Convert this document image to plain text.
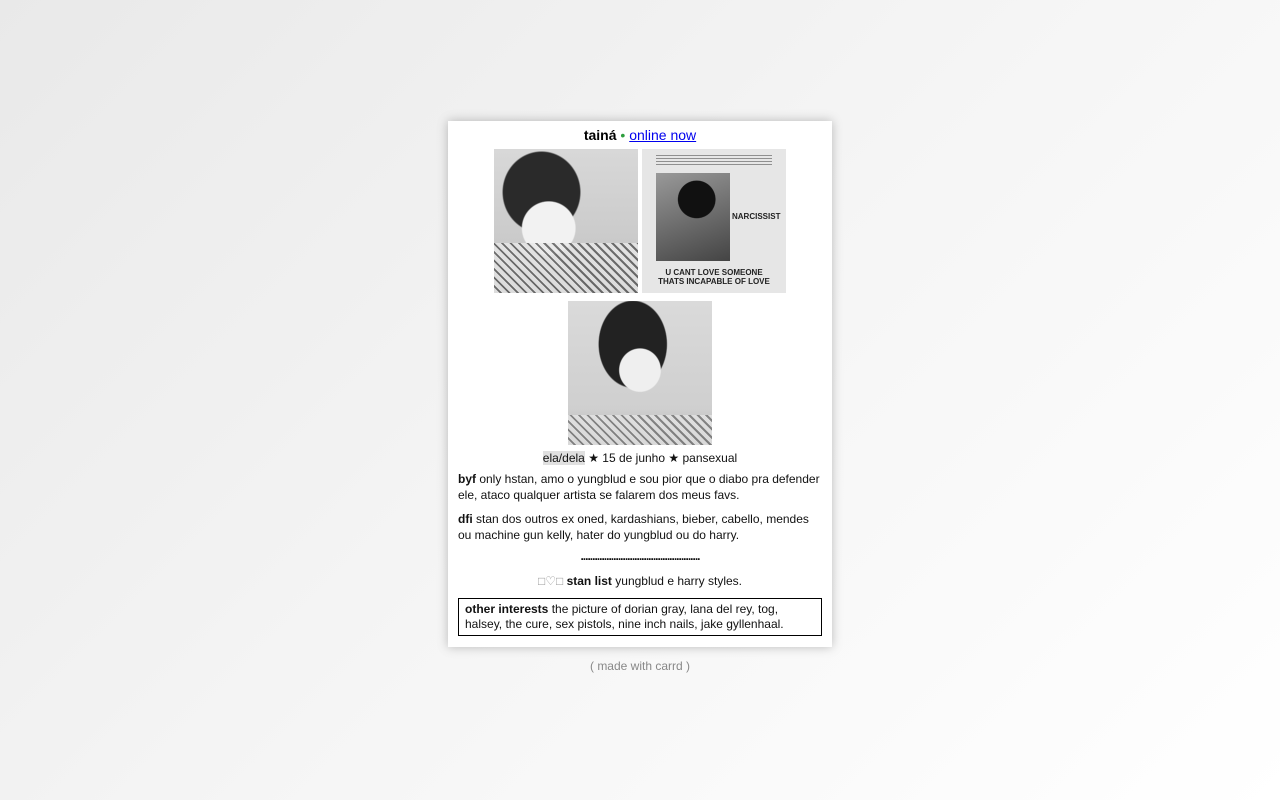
tainá • online now
NARCISSIST
U CANT LOVE SOMEONE
THATS INCAPABLE OF LOVE
ela/dela ★ 15 de junho ★ pansexual
byf only hstan, amo o yungblud e sou pior que o diabo pra defender ele, ataco qualquer artista se falarem dos meus favs.
dfi stan dos outros ex oned, kardashians, bieber, cabello, mendes ou machine gun kelly, hater do yungblud ou do harry.
...................................................
□♡□ stan list yungblud e harry styles.
other interests the picture of dorian gray, lana del rey, tog, halsey, the cure, sex pistols, nine inch nails, jake gyllenhaal.
( made with carrd )
